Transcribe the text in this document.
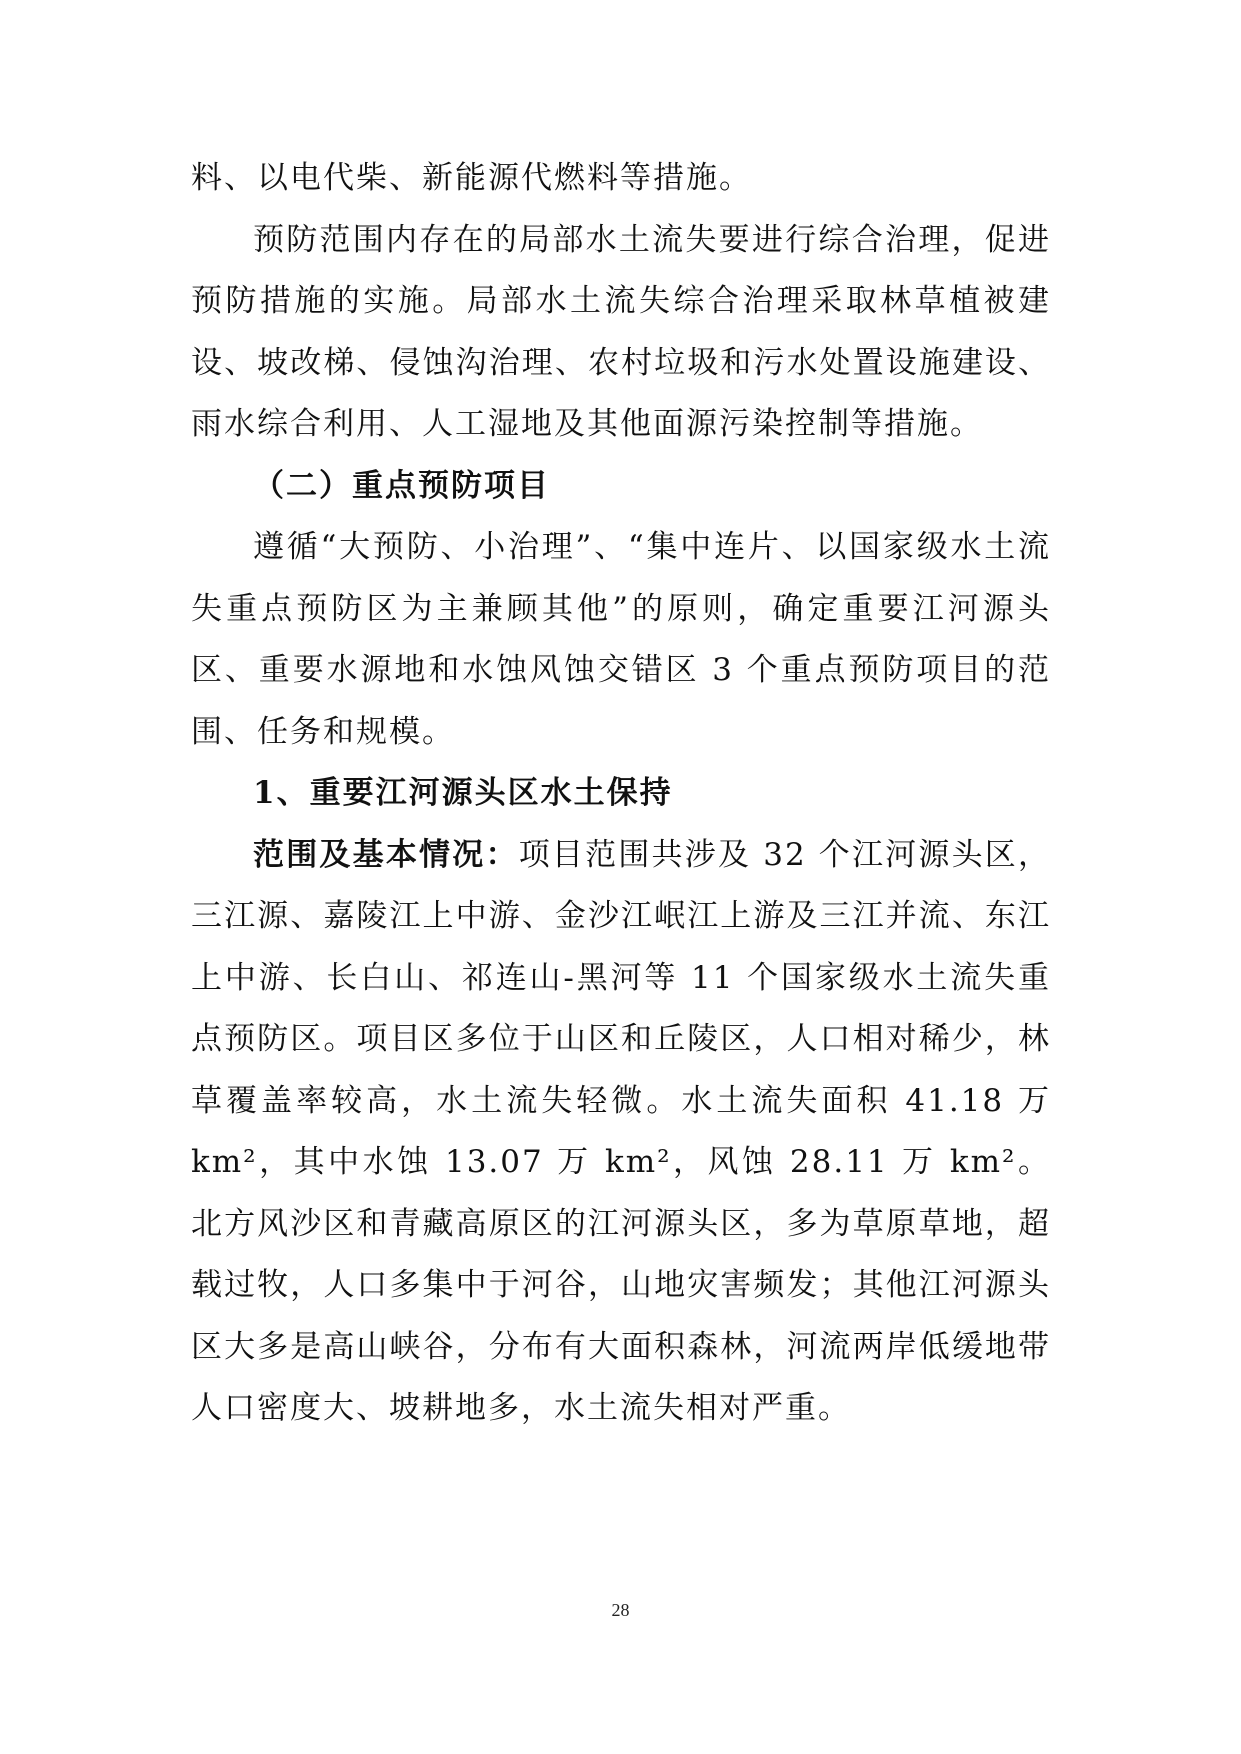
料、以电代柴、新能源代燃料等措施。

预防范围内存在的局部水土流失要进行综合治理，促进预防措施的实施。局部水土流失综合治理采取林草植被建设、坡改梯、侵蚀沟治理、农村垃圾和污水处置设施建设、雨水综合利用、人工湿地及其他面源污染控制等措施。

（二）重点预防项目

遵循“大预防、小治理”、“集中连片、以国家级水土流失重点预防区为主兼顾其他”的原则，确定重要江河源头区、重要水源地和水蚀风蚀交错区 3 个重点预防项目的范围、任务和规模。

1、重要江河源头区水土保持

范围及基本情况：项目范围共涉及 32 个江河源头区，三江源、嘉陵江上中游、金沙江岷江上游及三江并流、东江上中游、长白山、祁连山-黑河等 11 个国家级水土流失重点预防区。项目区多位于山区和丘陵区，人口相对稀少，林草覆盖率较高，水土流失轻微。水土流失面积 41.18 万 km²，其中水蚀 13.07 万 km²，风蚀 28.11 万 km²。北方风沙区和青藏高原区的江河源头区，多为草原草地，超载过牧，人口多集中于河谷，山地灾害频发；其他江河源头区大多是高山峡谷，分布有大面积森林，河流两岸低缓地带人口密度大、坡耕地多，水土流失相对严重。

28
